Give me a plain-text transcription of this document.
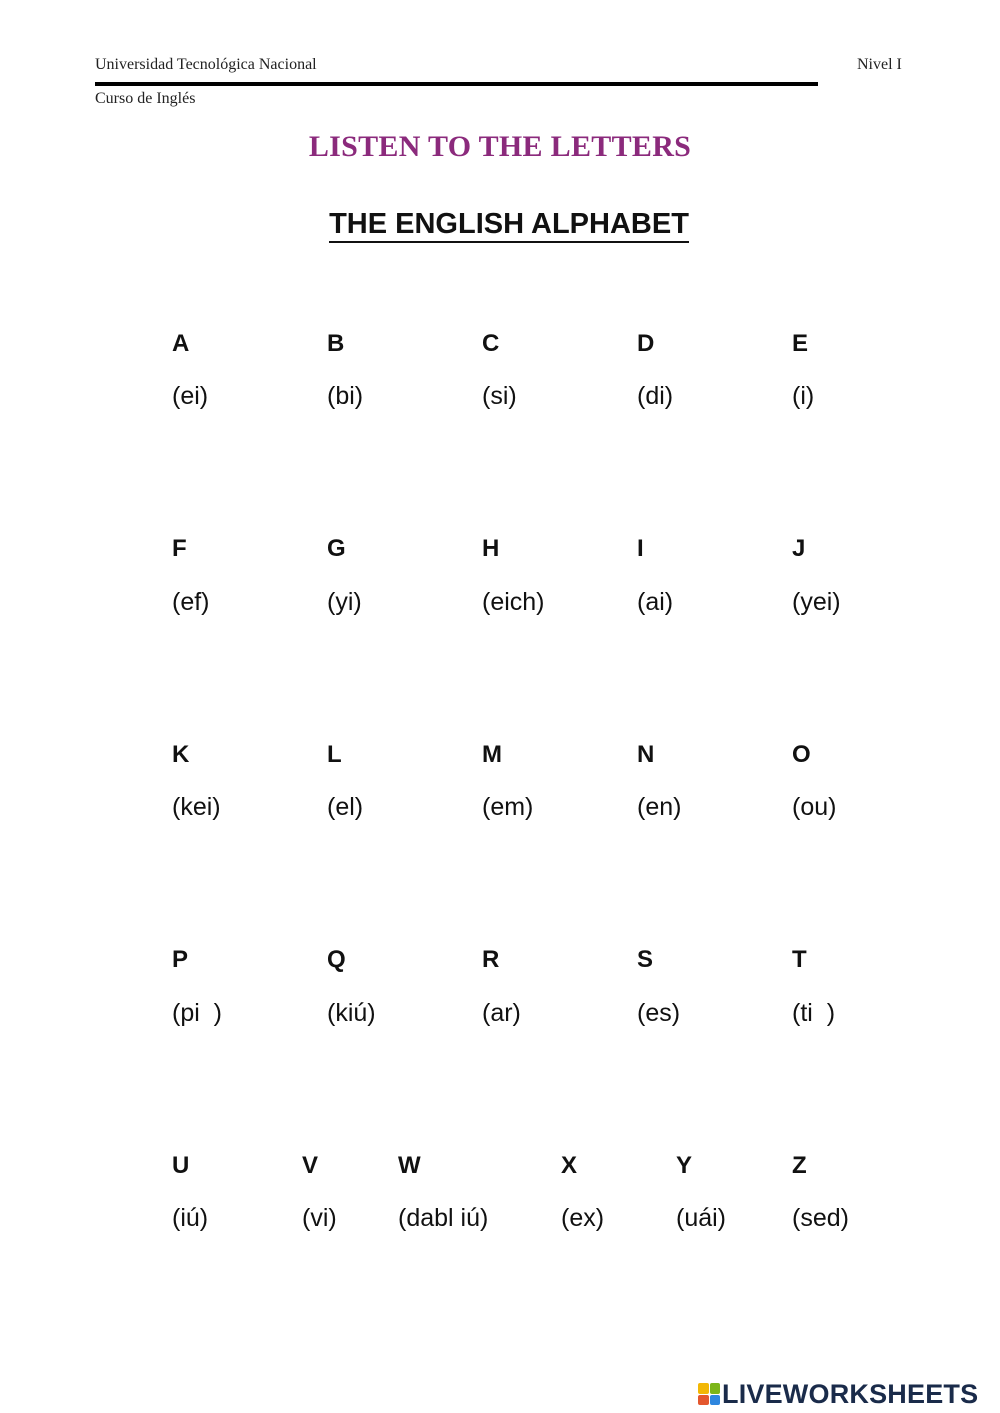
Universidad Tecnológica Nacional	Nivel I
Curso de Inglés
LISTEN TO THE LETTERS
THE ENGLISH ALPHABET
A
(ei)
B
(bi)
C
(si)
D
(di)
E
(i)
F
(ef)
G
(yi)
H
(eich)
I
(ai)
J
(yei)
K
(kei)
L
(el)
M
(em)
N
(en)
O
(ou)
P
(pi  )
Q
(kiú)
R
(ar)
S
(es)
T
(ti  )
U
(iú)
V
(vi)
W
(dabl iú)
X
(ex)
Y
(uái)
Z
(sed)
LIVEWORKSHEETS
